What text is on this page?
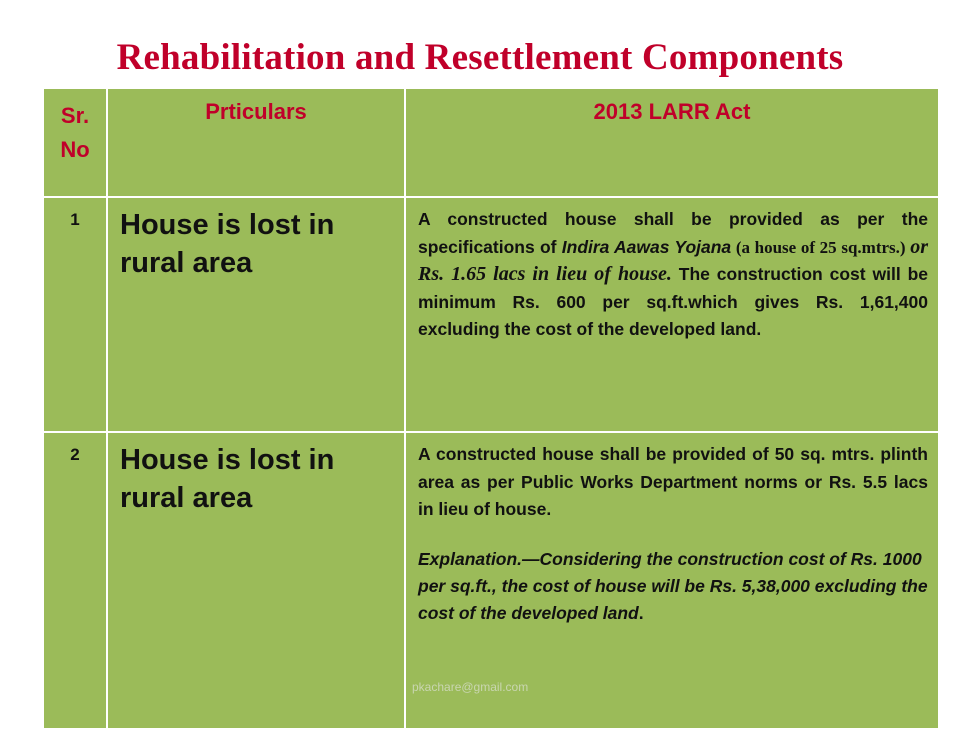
Rehabilitation and Resettlement Components
Sr. No	Prticulars	2013 LARR Act
1	House is lost in rural area	A constructed house shall be provided as per the specifications of Indira Aawas Yojana (a house of 25 sq.mtrs.) or Rs. 1.65 lacs in lieu of house. The construction cost will be minimum Rs. 600 per sq.ft.which gives Rs. 1,61,400 excluding the cost of the developed land.
2	House is lost in rural area	A constructed house shall be provided of 50 sq. mtrs. plinth area as per Public Works Department norms or Rs. 5.5 lacs in lieu of house.
Explanation.—Considering the construction cost of Rs. 1000 per sq.ft., the cost of house will be Rs. 5,38,000 excluding the cost of the developed land.
pkachare@gmail.com
